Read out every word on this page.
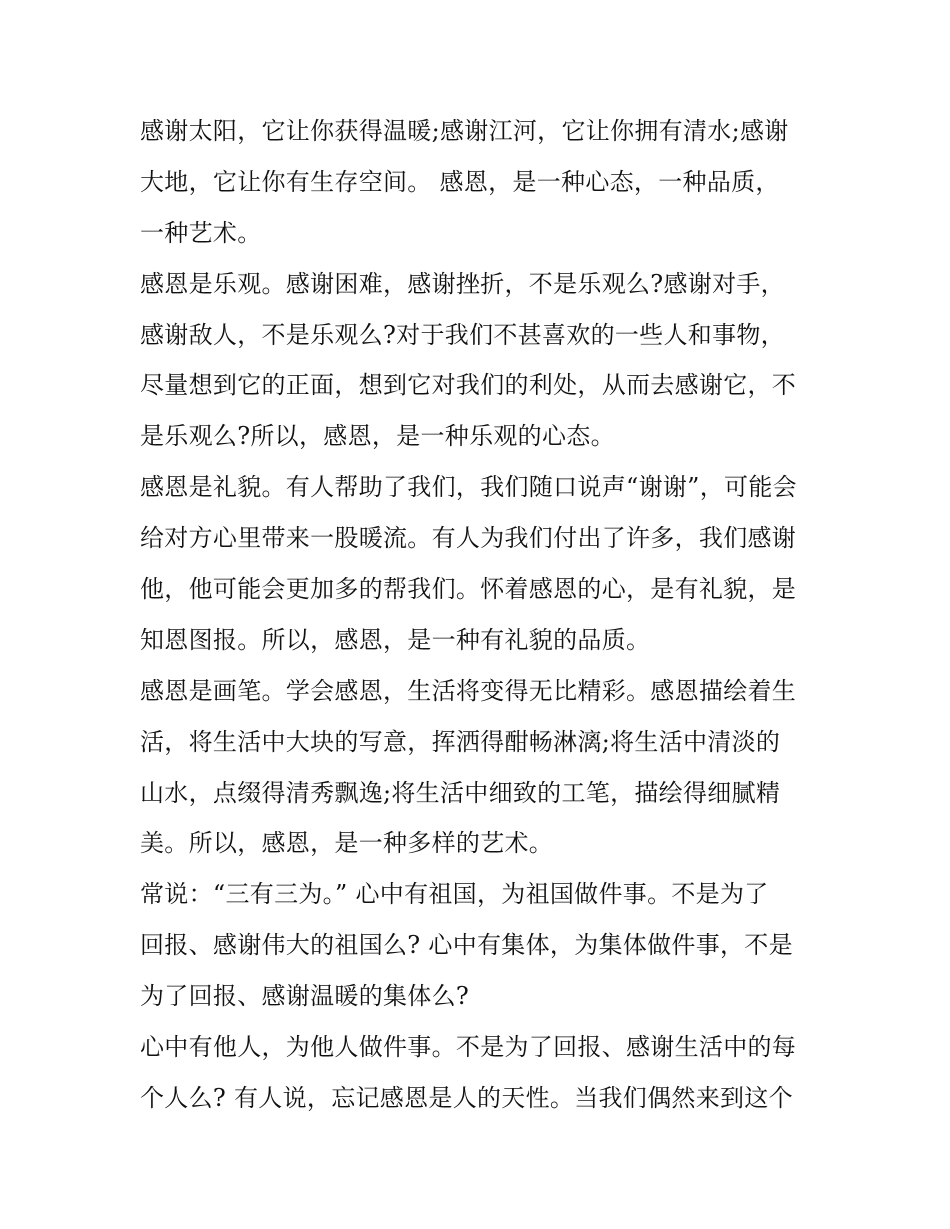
感谢太阳，它让你获得温暖;感谢江河，它让你拥有清水;感谢
大地，它让你有生存空间。 感恩，是一种心态，一种品质，
一种艺术。
感恩是乐观。感谢困难，感谢挫折，不是乐观么?感谢对手，
感谢敌人，不是乐观么?对于我们不甚喜欢的一些人和事物，
尽量想到它的正面，想到它对我们的利处，从而去感谢它，不
是乐观么?所以，感恩，是一种乐观的心态。
感恩是礼貌。有人帮助了我们，我们随口说声“谢谢”，可能会
给对方心里带来一股暖流。有人为我们付出了许多，我们感谢
他，他可能会更加多的帮我们。怀着感恩的心，是有礼貌，是
知恩图报。所以，感恩，是一种有礼貌的品质。
感恩是画笔。学会感恩，生活将变得无比精彩。感恩描绘着生
活，将生活中大块的写意，挥洒得酣畅淋漓;将生活中清淡的
山水，点缀得清秀飘逸;将生活中细致的工笔，描绘得细腻精
美。所以，感恩，是一种多样的艺术。
常说：“三有三为。” 心中有祖国，为祖国做件事。不是为了
回报、感谢伟大的祖国么? 心中有集体，为集体做件事，不是
为了回报、感谢温暖的集体么?
心中有他人，为他人做件事。不是为了回报、感谢生活中的每
个人么? 有人说，忘记感恩是人的天性。当我们偶然来到这个
